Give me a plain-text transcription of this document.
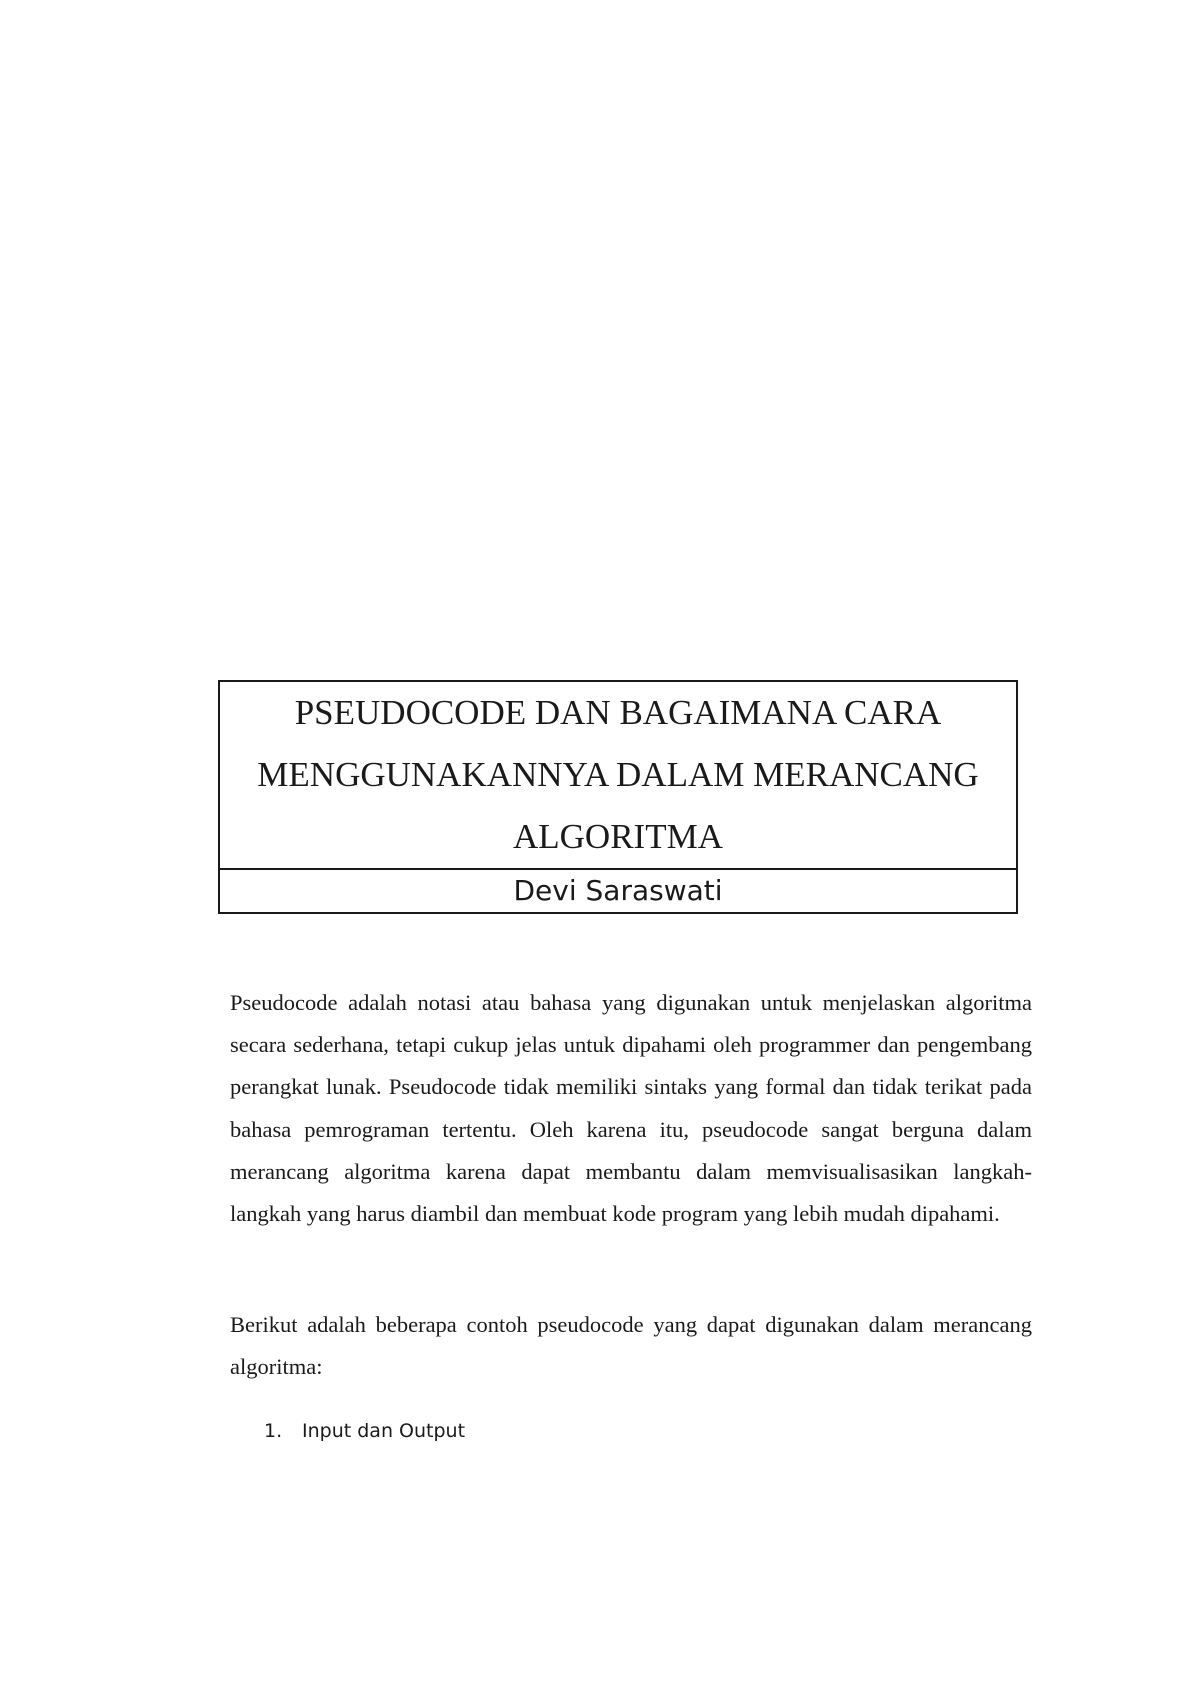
PSEUDOCODE DAN BAGAIMANA CARA MENGGUNAKANNYA DALAM MERANCANG ALGORITMA
Devi Saraswati

Pseudocode adalah notasi atau bahasa yang digunakan untuk menjelaskan algoritma secara sederhana, tetapi cukup jelas untuk dipahami oleh programmer dan pengembang perangkat lunak. Pseudocode tidak memiliki sintaks yang formal dan tidak terikat pada bahasa pemrograman tertentu. Oleh karena itu, pseudocode sangat berguna dalam merancang algoritma karena dapat membantu dalam memvisualisasikan langkah-langkah yang harus diambil dan membuat kode program yang lebih mudah dipahami.

Berikut adalah beberapa contoh pseudocode yang dapat digunakan dalam merancang algoritma:

1.	Input dan Output
